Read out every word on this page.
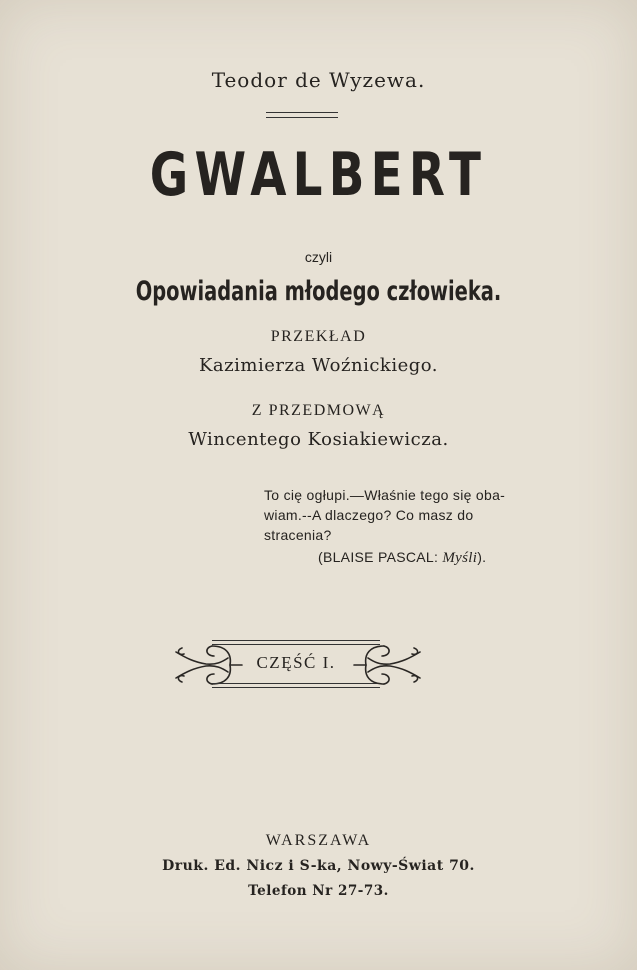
Teodor de Wyzewa.
GWALBERT
czyli
Opowiadania młodego człowieka.
PRZEKŁAD
Kazimierza Woźnickiego.
Z PRZEDMOWĄ
Wincentego Kosiakiewicza.
To cię ogłupi.—Właśnie tego się oba-
wiam.--A dlaczego? Co masz do
stracenia?
(BLAISE PASCAL: Myśli).
CZĘŚĆ I.
WARSZAWA
Druk. Ed. Nicz i S-ka, Nowy-Świat 70.
Telefon Nr 27-73.
